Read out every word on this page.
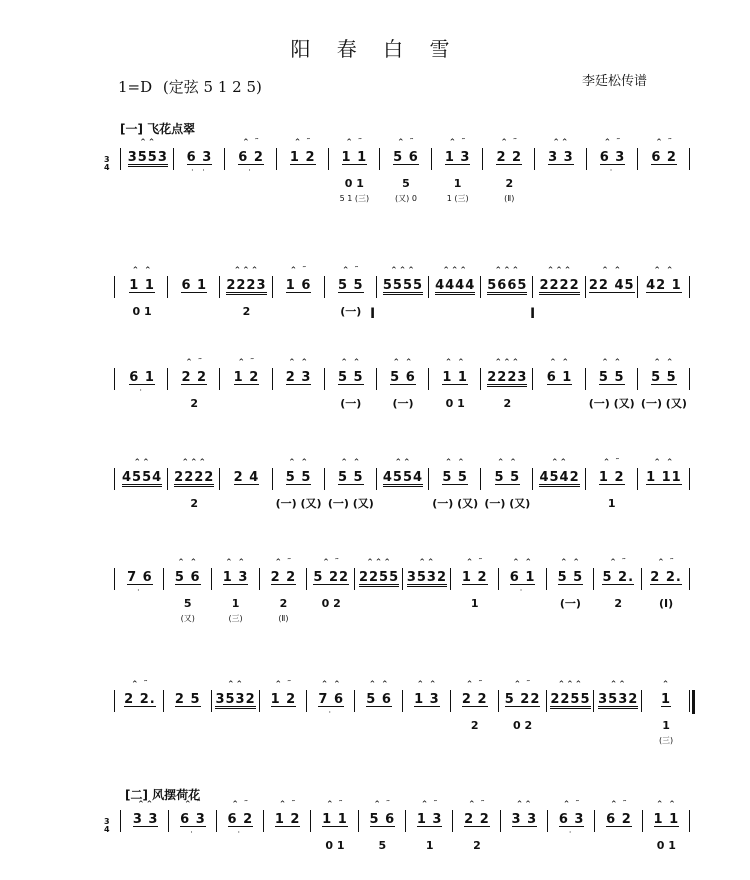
阳 春 白 雪
1=D (定弦 5 1 2 5)	李廷松传谱
[一] 飞花点翠
[二] 风摆荷花
3
4
⌃⌃
3553	6 3
· ·
⌃ ˜
6 2
·
⌃ ˜
1 2
⌃ ˜
1 1
0 1
5 1 (三)
⌃ ˜
5 6
5
(又) 0
⌃ ˜
1 3
1
1 (三)
⌃ ˜
2 2
2
(Ⅱ)
⌃⌃
3 3
⌃ ˜
6 3
·
⌃ ˜
6 2
⌃ ⌃
1 1
0 1
6 1
⌃⌃⌃
2223
2
⌃ ˜
1 6
⌃ ˜
5 5
(一)
⌃⌃⌃
5555
⌃⌃⌃
4444
⌃⌃⌃
5665
⌃⌃⌃
2222
⌃ ⌃
22 45
⌃ ⌃
42 1
6 1
·
⌃ ˜
2 2
2
⌃ ˜
1 2
⌃ ⌃
2 3
⌃ ⌃
5 5
(一)
⌃ ⌃
5 6
(一)
⌃ ⌃
1 1
0 1
⌃⌃⌃
2223
2
⌃ ⌃
6 1
⌃ ⌃
5 5
(一) (又)
⌃ ⌃
5 5
(一) (又)
⌃⌃
4554
⌃⌃⌃
2222
2
2 4
⌃ ⌃
5 5
(一) (又)
⌃ ⌃
5 5
(一) (又)
⌃⌃
4554
⌃ ⌃
5 5
(一) (又)
⌃ ⌃
5 5
(一) (又)
⌃⌃
4542
⌃ ˜
1 2
1
⌃ ⌃
1 11
7 6
·
⌃ ⌃
5 6
5
(又)
⌃ ⌃
1 3
1
(三)
⌃ ˜
2 2
2
(Ⅱ)
⌃ ˜
5 22
0 2
⌃⌃⌃
2255
⌃⌃
3532
⌃ ˜
1 2
1
⌃ ⌃
6 1
·
⌃ ⌃
5 5
(一)
⌃ ˜
5 2.
2
⌃ ˜
2 2.
(Ⅰ)
⌃ ˜
2 2.	2 5
⌃⌃
3532
⌃ ˜
1 2
⌃ ⌃
7 6
·
⌃ ⌃
5 6
⌃ ⌃
1 3
⌃ ˜
2 2
2
⌃ ˜
5 22
0 2
⌃⌃⌃
2255
⌃⌃
3532
⌃
1
1
(三)
3
4
⌃⌃
3 3
⌃ ˜
6 3
·
⌃ ˜
6 2
·
⌃ ˜
1 2
⌃ ˜
1 1
0 1
⌃ ˜
5 6
5
⌃ ˜
1 3
1
⌃ ˜
2 2
2
⌃⌃
3 3
⌃ ˜
6 3
·
⌃ ˜
6 2
⌃ ⌃
1 1
0 1
I	I
